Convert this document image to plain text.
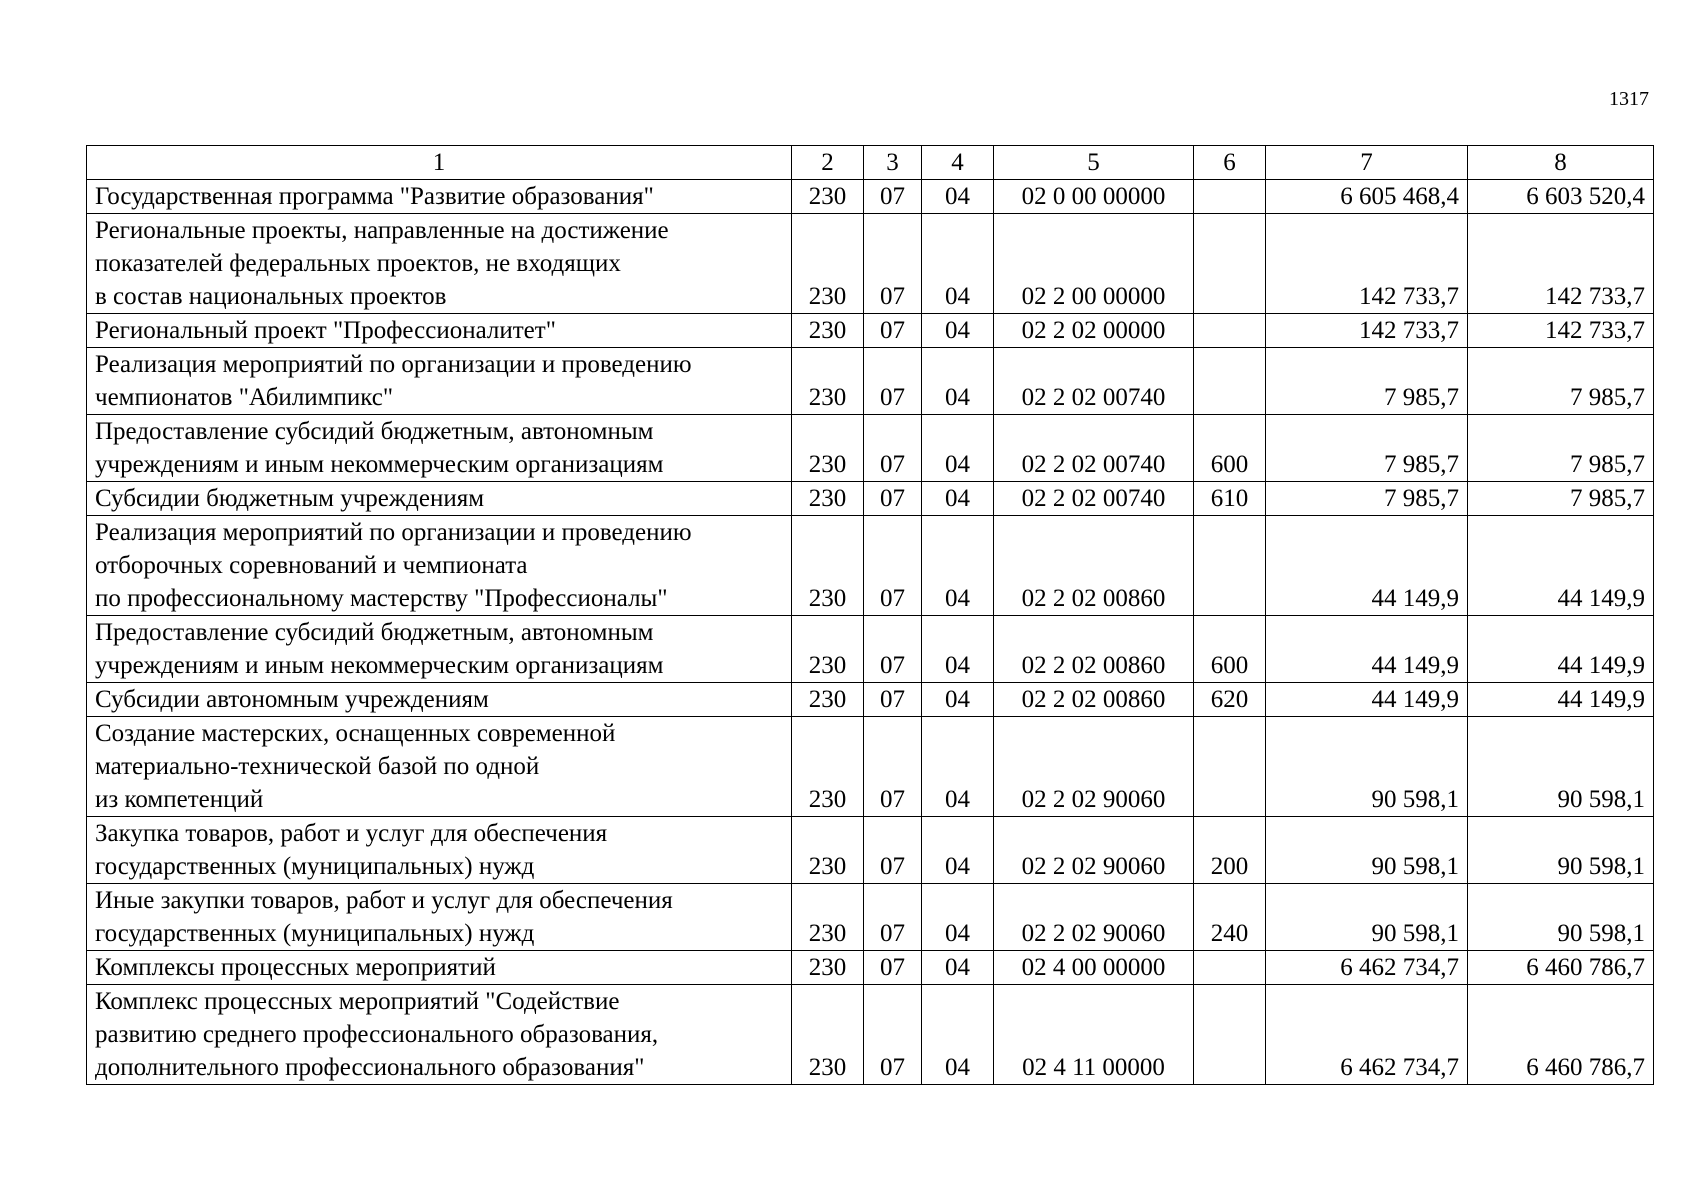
1317
1	2	3	4	5	6	7	8

Государственная программа "Развитие образования"	230	07	04	02 0 00 00000		6 605 468,4	6 603 520,4

Региональные проекты, направленные на достижение
показателей федеральных проектов, не входящих
в состав национальных проектов	230	07	04	02 2 00 00000		142 733,7	142 733,7

Региональный проект "Профессионалитет"	230	07	04	02 2 02 00000		142 733,7	142 733,7

Реализация мероприятий по организации и проведению
чемпионатов "Абилимпикс"	230	07	04	02 2 02 00740		7 985,7	7 985,7

Предоставление субсидий бюджетным, автономным
учреждениям и иным некоммерческим организациям	230	07	04	02 2 02 00740	600	7 985,7	7 985,7

Субсидии бюджетным учреждениям	230	07	04	02 2 02 00740	610	7 985,7	7 985,7

Реализация мероприятий по организации и проведению
отборочных соревнований и чемпионата
по профессиональному мастерству "Профессионалы"	230	07	04	02 2 02 00860		44 149,9	44 149,9

Предоставление субсидий бюджетным, автономным
учреждениям и иным некоммерческим организациям	230	07	04	02 2 02 00860	600	44 149,9	44 149,9

Субсидии автономным учреждениям	230	07	04	02 2 02 00860	620	44 149,9	44 149,9

Создание мастерских, оснащенных современной
материально-технической базой по одной
из компетенций	230	07	04	02 2 02 90060		90 598,1	90 598,1

Закупка товаров, работ и услуг для обеспечения
государственных (муниципальных) нужд	230	07	04	02 2 02 90060	200	90 598,1	90 598,1

Иные закупки товаров, работ и услуг для обеспечения
государственных (муниципальных) нужд	230	07	04	02 2 02 90060	240	90 598,1	90 598,1

Комплексы процессных мероприятий	230	07	04	02 4 00 00000		6 462 734,7	6 460 786,7

Комплекс процессных мероприятий "Содействие
развитию среднего профессионального образования,
дополнительного профессионального образования"	230	07	04	02 4 11 00000		6 462 734,7	6 460 786,7
